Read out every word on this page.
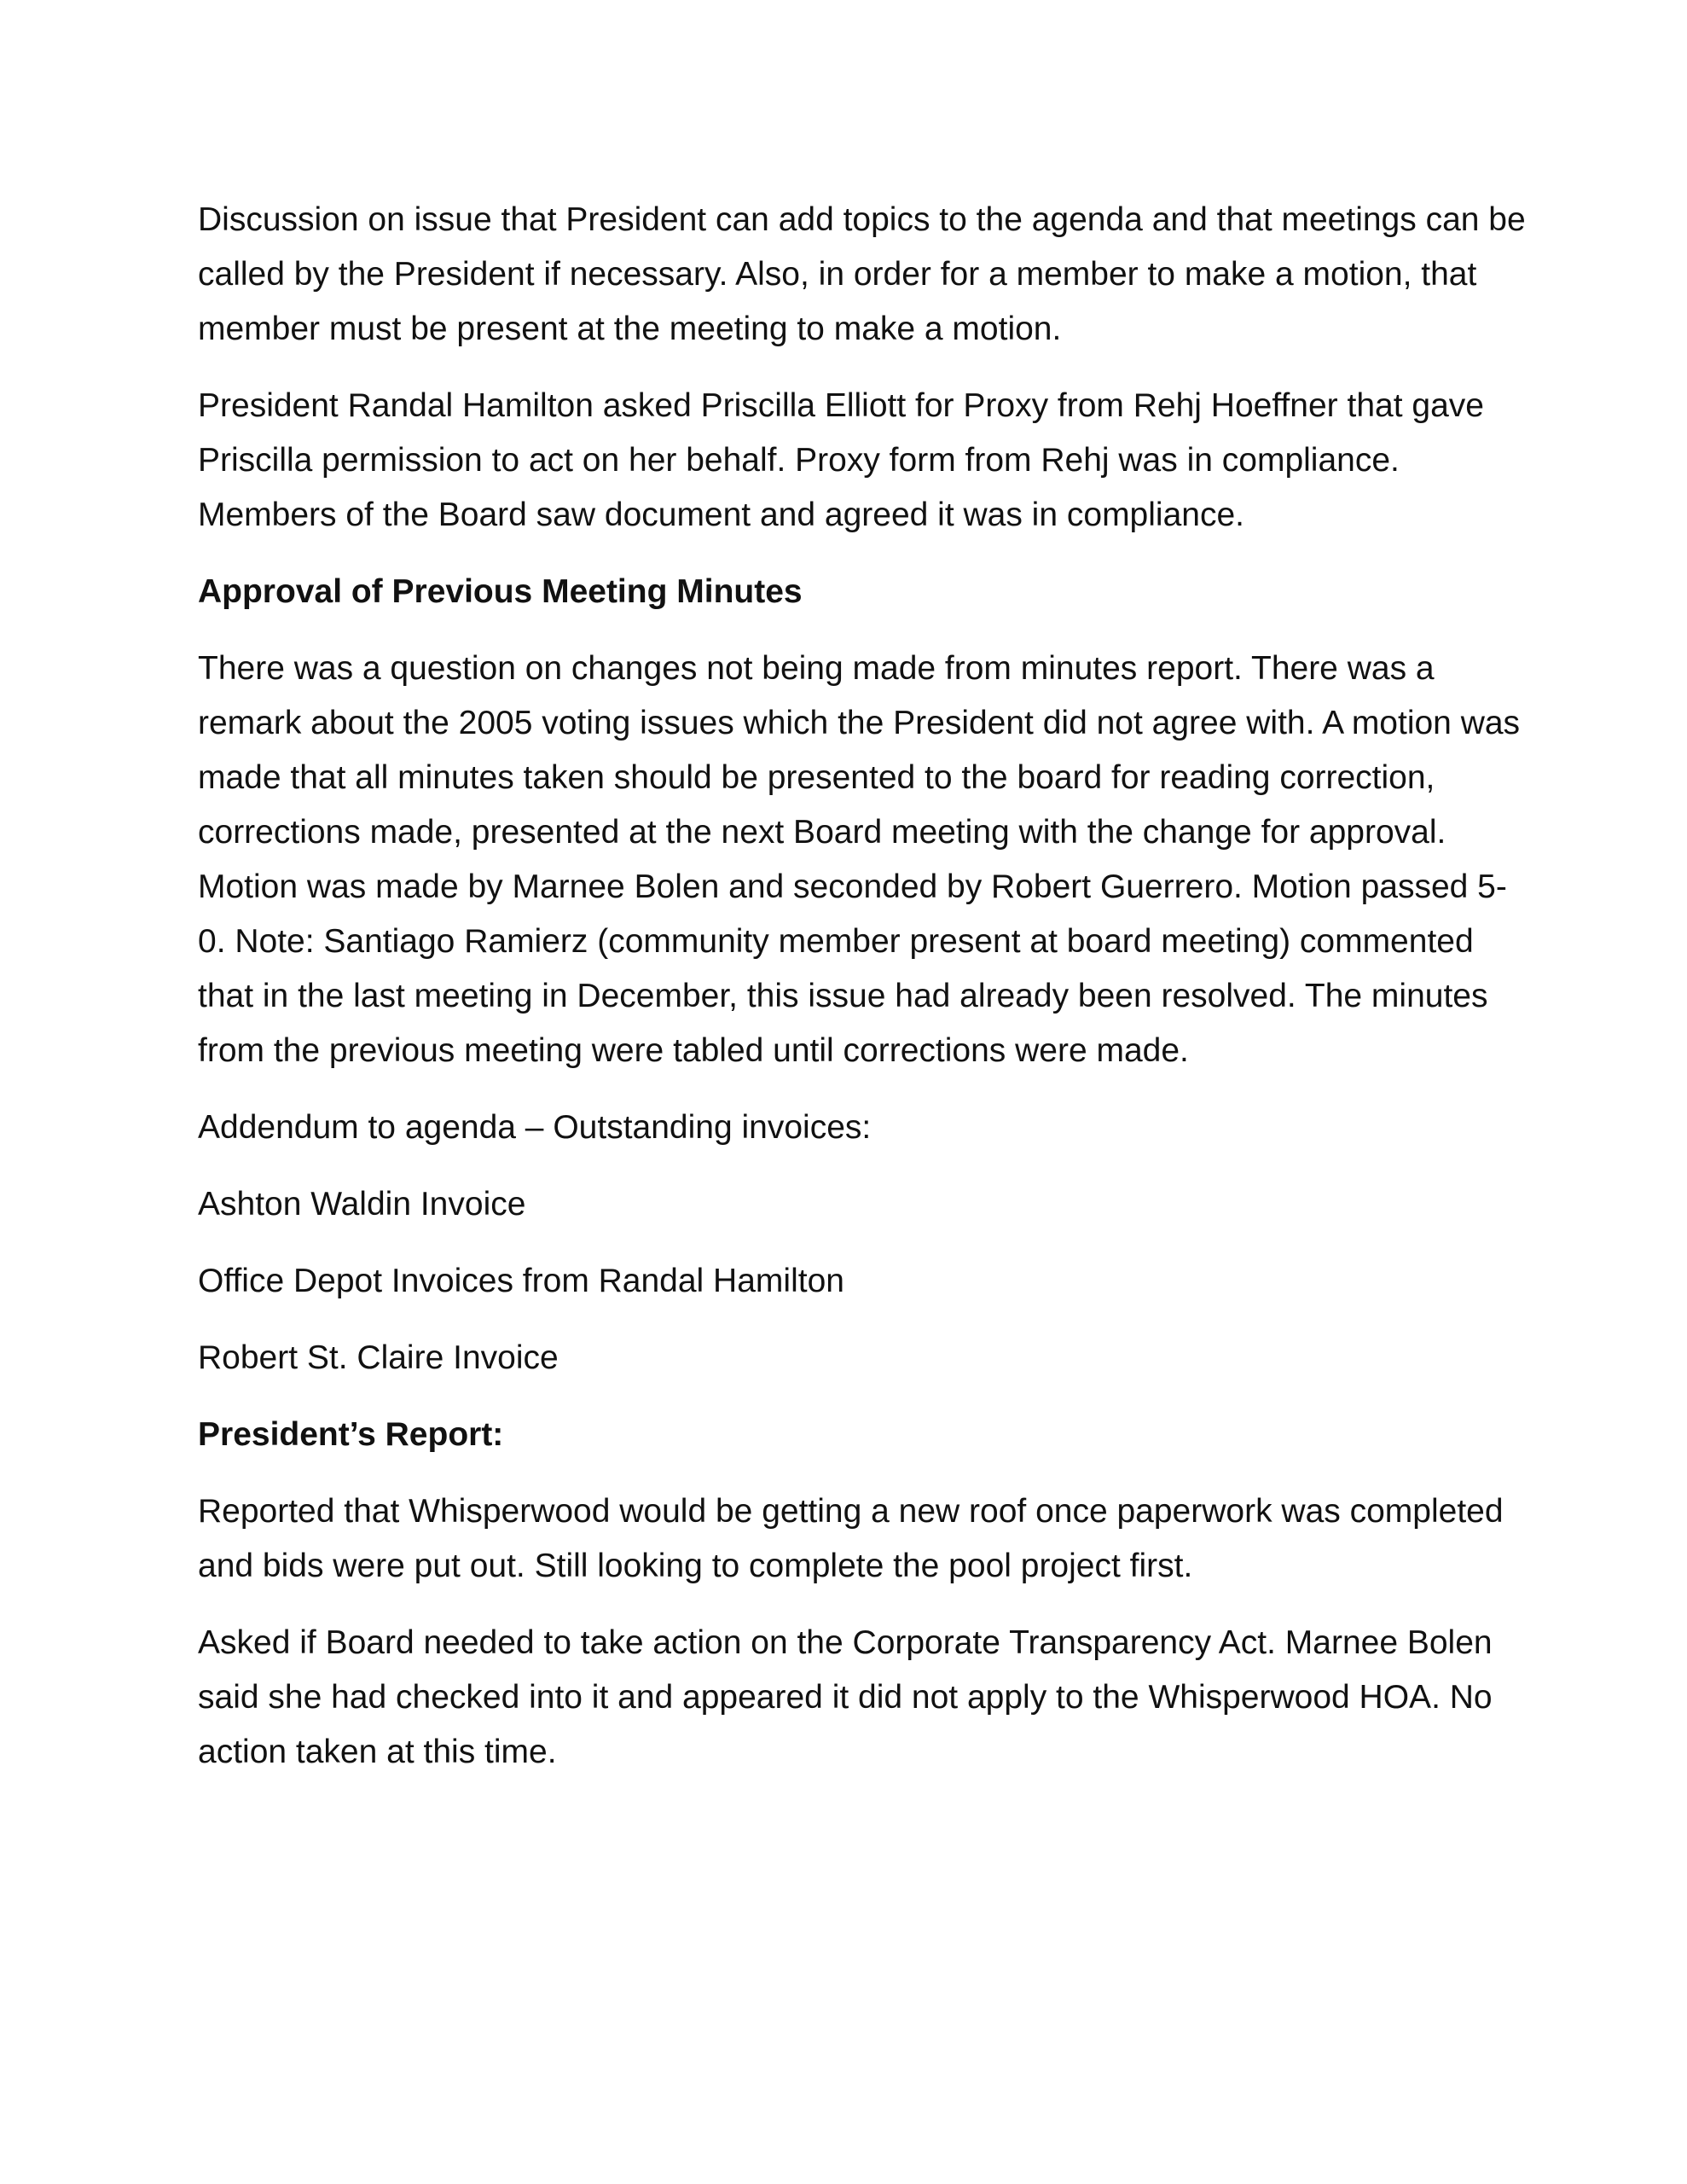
Discussion on issue that President can add topics to the agenda and that meetings can be called by the President if necessary. Also, in order for a member to make a motion, that member must be present at the meeting to make a motion.

President Randal Hamilton asked Priscilla Elliott for Proxy from Rehj Hoeffner that gave Priscilla permission to act on her behalf. Proxy form from Rehj was in compliance. Members of the Board saw document and agreed it was in compliance.

Approval of Previous Meeting Minutes

There was a question on changes not being made from minutes report. There was a remark about the 2005 voting issues which the President did not agree with. A motion was made that all minutes taken should be presented to the board for reading correction, corrections made, presented at the next Board meeting with the change for approval. Motion was made by Marnee Bolen and seconded by Robert Guerrero. Motion passed 5-0. Note: Santiago Ramierz (community member present at board meeting) commented that in the last meeting in December, this issue had already been resolved. The minutes from the previous meeting were tabled until corrections were made.

Addendum to agenda – Outstanding invoices:

Ashton Waldin Invoice

Office Depot Invoices from Randal Hamilton

Robert St. Claire Invoice

President’s Report:

Reported that Whisperwood would be getting a new roof once paperwork was completed and bids were put out. Still looking to complete the pool project first.

Asked if Board needed to take action on the Corporate Transparency Act. Marnee Bolen said she had checked into it and appeared it did not apply to the Whisperwood HOA. No action taken at this time.
